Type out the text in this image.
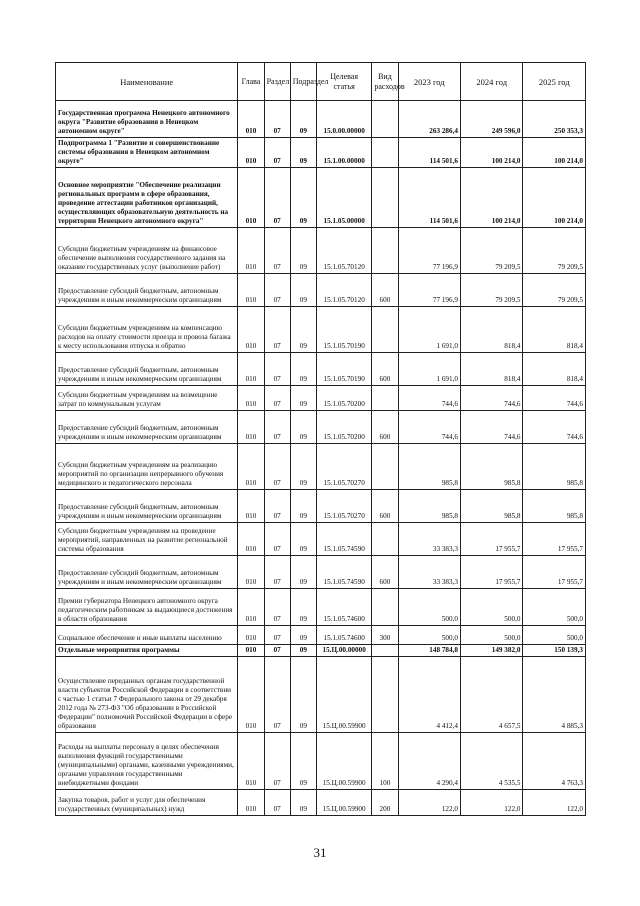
Наименование	Глава	Раздел	Подраздел	Целевая статья	Вид расходов	2023 год	2024 год	2025 год
Государственная программа Ненецкого автономного округа "Развитие образования в Ненецком автономном округе"	010	07	09	15.0.00.00000		263 286,4	249 596,0	250 353,3
Подпрограмма 1 "Развитие и совершенствование системы образования в Ненецком автономном округе"	010	07	09	15.1.00.00000		114 501,6	100 214,0	100 214,0
Основное мероприятие "Обеспечение реализации региональных программ в сфере образования, проведение аттестации работников организаций, осуществляющих образовательную деятельность на территории Ненецкого автономного округа"	010	07	09	15.1.05.00000		114 501,6	100 214,0	100 214,0
Субсидии бюджетным учреждениям на финансовое обеспечение выполнения государственного задания на оказание государственных услуг (выполнение работ)	010	07	09	15.1.05.70120		77 196,9	79 209,5	79 209,5
Предоставление субсидий бюджетным, автономным учреждениям и иным некоммерческим организациям	010	07	09	15.1.05.70120	600	77 196,9	79 209,5	79 209,5
Субсидии бюджетным учреждениям на компенсацию расходов на оплату стоимости проезда и провоза багажа к месту использования отпуска и обратно	010	07	09	15.1.05.70190		1 691,0	818,4	818,4
Предоставление субсидий бюджетным, автономным учреждениям и иным некоммерческим организациям	010	07	09	15.1.05.70190	600	1 691,0	818,4	818,4
Субсидии бюджетным учреждениям на возмещение затрат по коммунальным услугам	010	07	09	15.1.05.70200		744,6	744,6	744,6
Предоставление субсидий бюджетным, автономным учреждениям и иным некоммерческим организациям	010	07	09	15.1.05.70200	600	744,6	744,6	744,6
Субсидии бюджетным учреждениям на реализацию мероприятий по организации непрерывного обучения медицинского и педагогического персонала	010	07	09	15.1.05.70270		985,8	985,8	985,8
Предоставление субсидий бюджетным, автономным учреждениям и иным некоммерческим организациям	010	07	09	15.1.05.70270	600	985,8	985,8	985,8
Субсидии бюджетным учреждениям на проведение мероприятий, направленных на развитие региональной системы образования	010	07	09	15.1.05.74590		33 383,3	17 955,7	17 955,7
Предоставление субсидий бюджетным, автономным учреждениям и иным некоммерческим организациям	010	07	09	15.1.05.74590	600	33 383,3	17 955,7	17 955,7
Премии губернатора Ненецкого автономного округа педагогическим работникам за выдающиеся достижения в области образования	010	07	09	15.1.05.74600		500,0	500,0	500,0
Социальное обеспечение и иные выплаты населению	010	07	09	15.1.05.74600	300	500,0	500,0	500,0
Отдельные мероприятия программы	010	07	09	15.Ц.00.00000		148 784,8	149 382,0	150 139,3
Осуществление переданных органам государственной власти субъектов Российской Федерации в соответствии с частью 1 статьи 7 Федерального закона от 29 декабря 2012 года № 273-ФЗ "Об образовании в Российской Федерации" полномочий Российской Федерации в сфере образования	010	07	09	15.Ц.00.59900		4 412,4	4 657,5	4 885,3
Расходы на выплаты персоналу в целях обеспечения выполнения функций государственными (муниципальными) органами, казенными учреждениями, органами управления государственными внебюджетными фондами	010	07	09	15.Ц.00.59900	100	4 290,4	4 535,5	4 763,3
Закупка товаров, работ и услуг для обеспечения государственных (муниципальных) нужд	010	07	09	15.Ц.00.59900	200	122,0	122,0	122,0
31
